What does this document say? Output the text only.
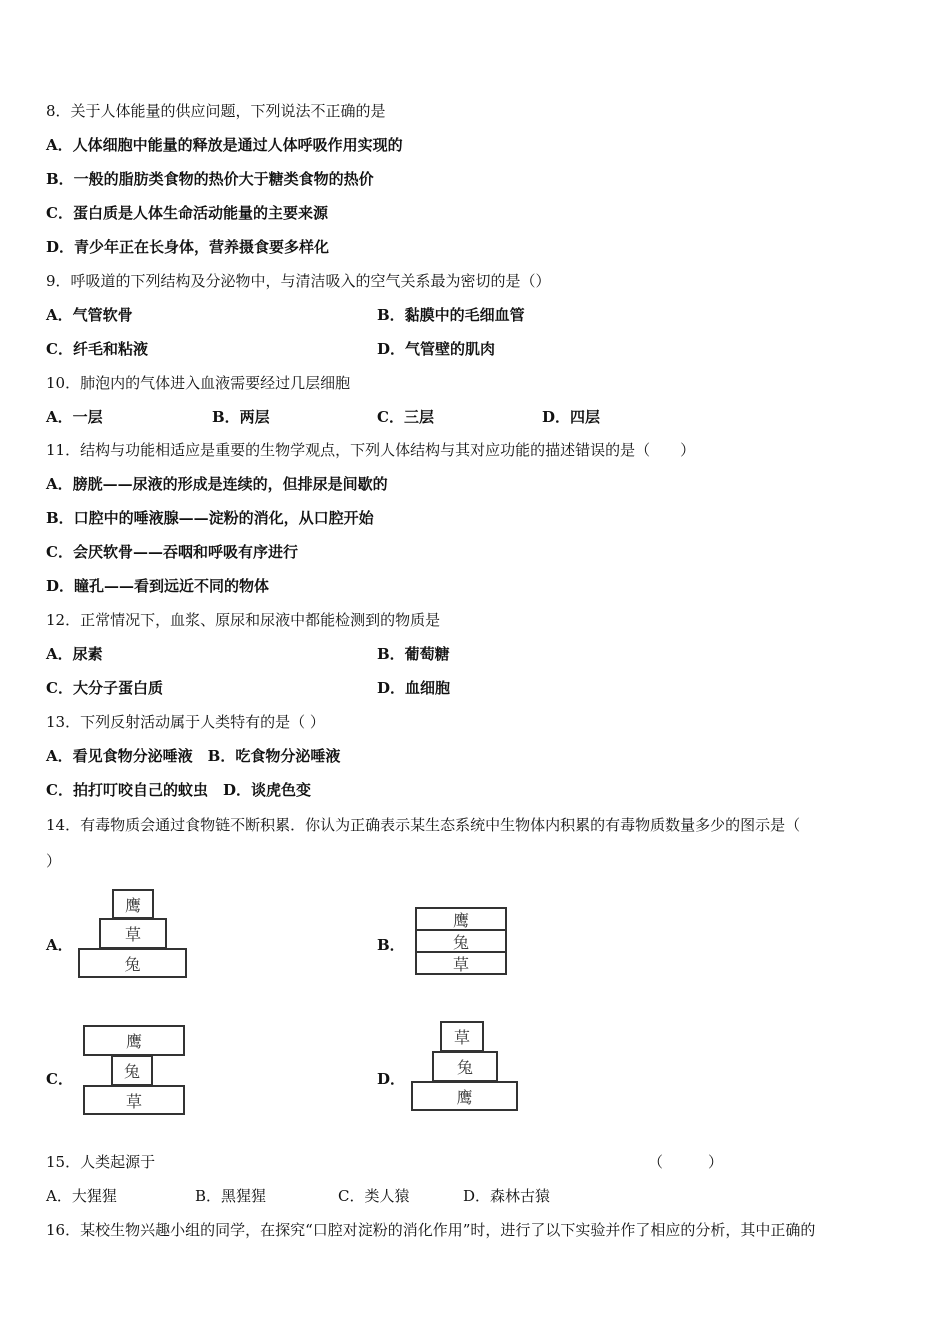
8．关于人体能量的供应问题，下列说法不正确的是
A．人体细胞中能量的释放是通过人体呼吸作用实现的
B．一般的脂肪类食物的热价大于糖类食物的热价
C．蛋白质是人体生命活动能量的主要来源
D．青少年正在长身体，营养摄食要多样化
9．呼吸道的下列结构及分泌物中，与清洁吸入的空气关系最为密切的是（）
A．气管软骨	B．黏膜中的毛细血管
C．纤毛和粘液	D．气管壁的肌肉
10．肺泡内的气体进入血液需要经过几层细胞
A．一层	B．两层	C．三层	D．四层
11．结构与功能相适应是重要的生物学观点，下列人体结构与其对应功能的描述错误的是（　　）
A．膀胱——尿液的形成是连续的，但排尿是间歇的
B．口腔中的唾液腺——淀粉的消化，从口腔开始
C．会厌软骨——吞咽和呼吸有序进行
D．瞳孔——看到远近不同的物体
12．正常情况下，血浆、原尿和尿液中都能检测到的物质是
A．尿素	B．葡萄糖
C．大分子蛋白质	D．血细胞
13．下列反射活动属于人类特有的是（ ）
A．看见食物分泌唾液　B．吃食物分泌唾液
C．拍打叮咬自己的蚊虫　D．谈虎色变
14．有毒物质会通过食物链不断积累．你认为正确表示某生态系统中生物体内积累的有毒物质数量多少的图示是（
）
A．
鹰
草
兔
B．
鹰
兔
草
C．
鹰
兔
草
D．
草
兔
鹰
15．人类起源于	（　　　）
A．大猩猩	B．黑猩猩	C．类人猿	D．森林古猿
16．某校生物兴趣小组的同学，在探究“口腔对淀粉的消化作用”时，进行了以下实验并作了相应的分析，其中正确的
